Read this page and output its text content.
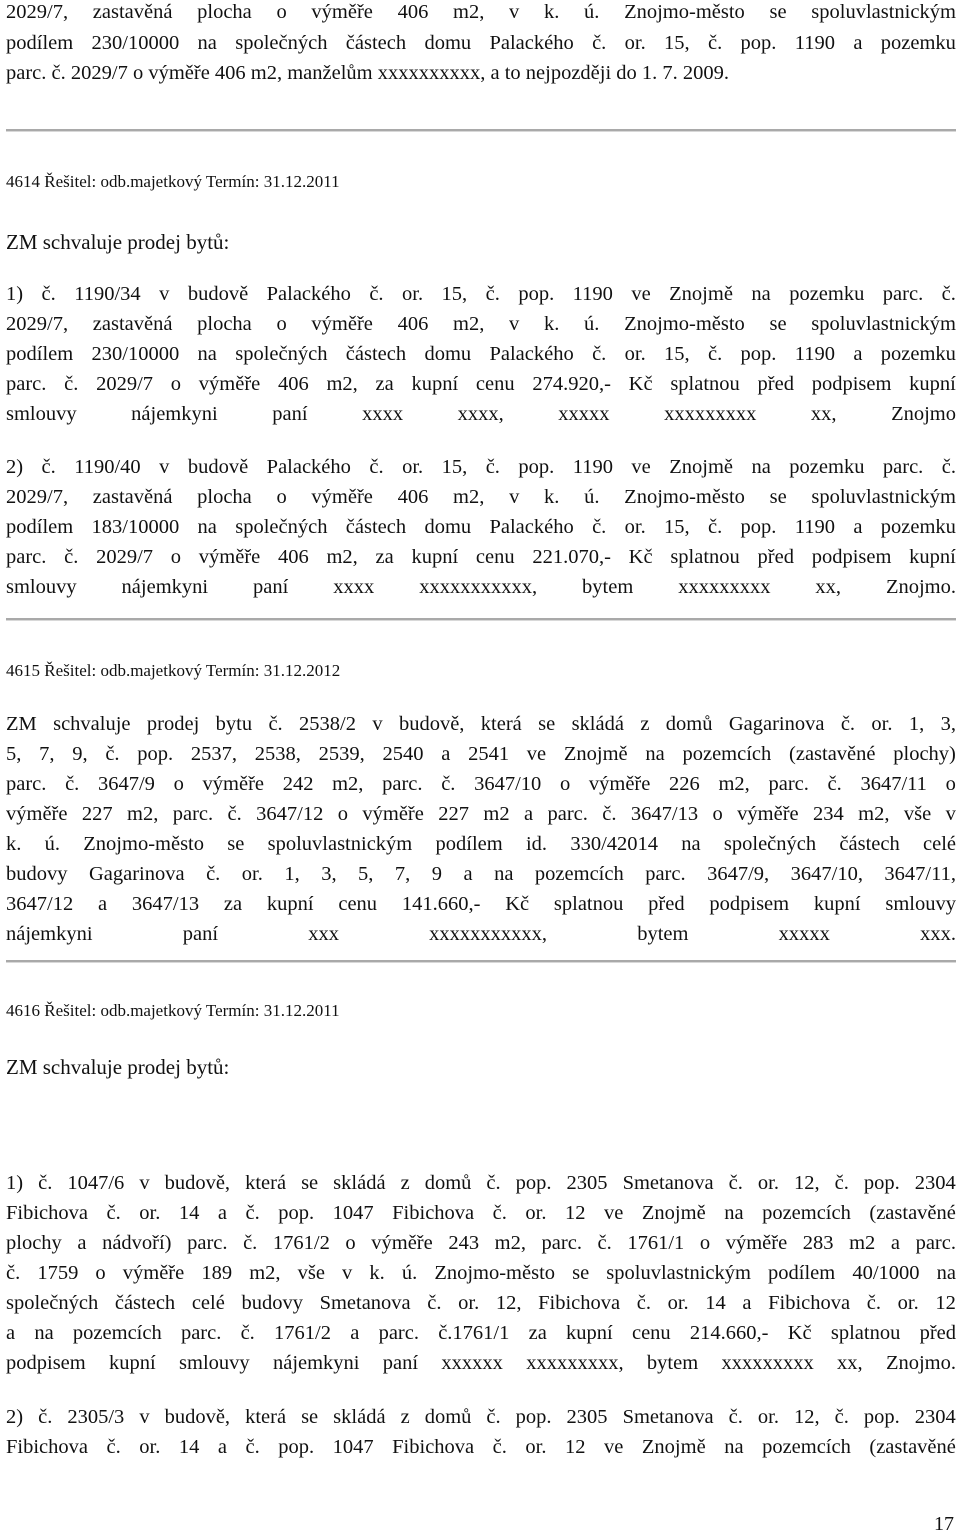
2029/7, zastavěná plocha o výměře 406 m2, v k. ú. Znojmo-město se spoluvlastnickým
podílem 230/10000 na společných částech domu Palackého č. or. 15, č. pop. 1190 a pozemku
parc. č. 2029/7 o výměře 406 m2, manželům xxxxxxxxxx, a to nejpozději do 1. 7. 2009.
4614 Řešitel: odb.majetkový Termín: 31.12.2011
ZM schvaluje prodej bytů:
1) č. 1190/34 v budově Palackého č. or. 15, č. pop. 1190 ve Znojmě na pozemku parc. č.
2029/7, zastavěná plocha o výměře 406 m2, v k. ú. Znojmo-město se spoluvlastnickým
podílem 230/10000 na společných částech domu Palackého č. or. 15, č. pop. 1190 a pozemku
parc. č. 2029/7 o výměře 406 m2, za kupní cenu 274.920,- Kč splatnou před podpisem kupní
smlouvy nájemkyni paní xxxx xxxx, xxxxx xxxxxxxxx xx, Znojmo
2) č. 1190/40 v budově Palackého č. or. 15, č. pop. 1190 ve Znojmě na pozemku parc. č.
2029/7, zastavěná plocha o výměře 406 m2, v k. ú. Znojmo-město se spoluvlastnickým
podílem 183/10000 na společných částech domu Palackého č. or. 15, č. pop. 1190 a pozemku
parc. č. 2029/7 o výměře 406 m2, za kupní cenu 221.070,- Kč splatnou před podpisem kupní
smlouvy nájemkyni paní xxxx xxxxxxxxxxx, bytem xxxxxxxxx xx, Znojmo.
4615 Řešitel: odb.majetkový Termín: 31.12.2012
ZM schvaluje prodej bytu č. 2538/2 v budově, která se skládá z domů Gagarinova č. or. 1, 3,
5, 7, 9, č. pop. 2537, 2538, 2539, 2540 a 2541 ve Znojmě na pozemcích (zastavěné plochy)
parc. č. 3647/9 o výměře 242 m2, parc. č. 3647/10 o výměře 226 m2, parc. č. 3647/11 o
výměře 227 m2, parc. č. 3647/12 o výměře 227 m2 a parc. č. 3647/13 o výměře 234 m2, vše v
k. ú. Znojmo-město se spoluvlastnickým podílem id. 330/42014 na společných částech celé
budovy Gagarinova č. or. 1, 3, 5, 7, 9 a na pozemcích parc. 3647/9, 3647/10, 3647/11,
3647/12 a 3647/13 za kupní cenu 141.660,- Kč splatnou před podpisem kupní smlouvy
nájemkyni paní xxx xxxxxxxxxxx, bytem xxxxx xxx.
4616 Řešitel: odb.majetkový Termín: 31.12.2011
ZM schvaluje prodej bytů:
1) č. 1047/6 v budově, která se skládá z domů č. pop. 2305 Smetanova č. or. 12, č. pop. 2304
Fibichova č. or. 14 a č. pop. 1047 Fibichova č. or. 12 ve Znojmě na pozemcích (zastavěné
plochy a nádvoří) parc. č. 1761/2 o výměře 243 m2, parc. č. 1761/1 o výměře 283 m2 a parc.
č. 1759 o výměře 189 m2, vše v k. ú. Znojmo-město se spoluvlastnickým podílem 40/1000 na
společných částech celé budovy Smetanova č. or. 12, Fibichova č. or. 14 a Fibichova č. or. 12
a na pozemcích parc. č. 1761/2 a parc. č.1761/1 za kupní cenu 214.660,- Kč splatnou před
podpisem kupní smlouvy nájemkyni paní xxxxxx xxxxxxxxx, bytem xxxxxxxxx xx, Znojmo.
2) č. 2305/3 v budově, která se skládá z domů č. pop. 2305 Smetanova č. or. 12, č. pop. 2304
Fibichova č. or. 14 a č. pop. 1047 Fibichova č. or. 12 ve Znojmě na pozemcích (zastavěné
17
